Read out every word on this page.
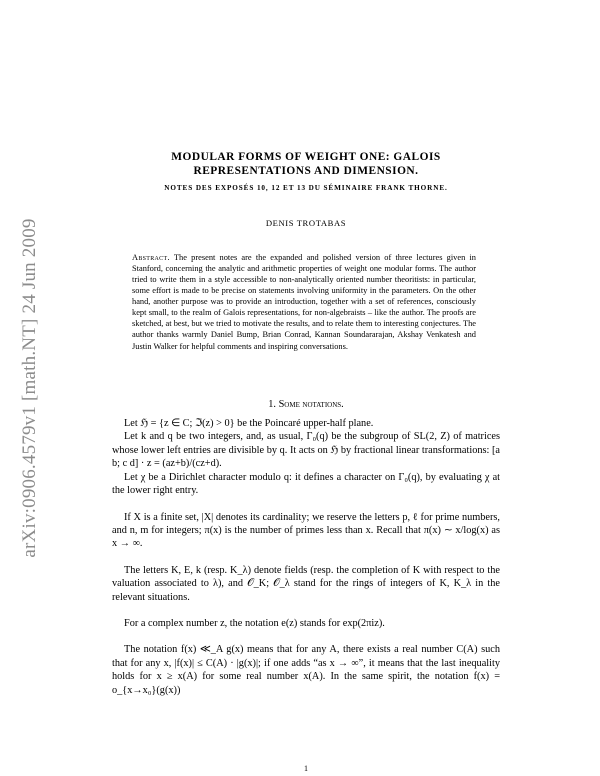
arXiv:0906.4579v1 [math.NT] 24 Jun 2009

MODULAR FORMS OF WEIGHT ONE: GALOIS
REPRESENTATIONS AND DIMENSION.

NOTES DES EXPOSÉS 10, 12 ET 13 DU SÉMINAIRE FRANK THORNE.

DENIS TROTABAS

Abstract. The present notes are the expanded and polished version of three lectures given in Stanford, concerning the analytic and arithmetic properties of weight one modular forms. The author tried to write them in a style accessible to non-analytically oriented number theoritists: in particular, some effort is made to be precise on statements involving uniformity in the parameters. On the other hand, another purpose was to provide an introduction, together with a set of references, consciously kept small, to the realm of Galois representations, for non-algebraists – like the author. The proofs are sketched, at best, but we tried to motivate the results, and to relate them to interesting conjectures. The author thanks warmly Daniel Bump, Brian Conrad, Kannan Soundararajan, Akshay Venkatesh and Justin Walker for helpful comments and inspiring conversations.
1. Some notations.

Let ℌ = {z ∈ C; ℑ(z) > 0} be the Poincaré upper-half plane.

Let k and q be two integers, and, as usual, Γ₀(q) be the subgroup of SL(2, Z) of matrices whose lower left entries are divisible by q. It acts on ℌ by fractional linear transformations: [a b; c d] · z = (az+b)/(cz+d).

Let χ be a Dirichlet character modulo q: it defines a character on Γ₀(q), by evaluating χ at the lower right entry.

If X is a finite set, |X| denotes its cardinality; we reserve the letters p, ℓ for prime numbers, and n, m for integers; π(x) is the number of primes less than x. Recall that π(x) ∼ x/log(x) as x → ∞.

The letters K, E, k (resp. K_λ) denote fields (resp. the completion of K with respect to the valuation associated to λ), and 𝒪_K; 𝒪_λ stand for the rings of integers of K, K_λ in the relevant situations.

For a complex number z, the notation e(z) stands for exp(2πiz).

The notation f(x) ≪_A g(x) means that for any A, there exists a real number C(A) such that for any x, |f(x)| ≤ C(A) · |g(x)|; if one adds “as x → ∞”, it means that the last inequality holds for x ≥ x(A) for some real number x(A). In the same spirit, the notation f(x) = o_{x→x₀}(g(x))

1
